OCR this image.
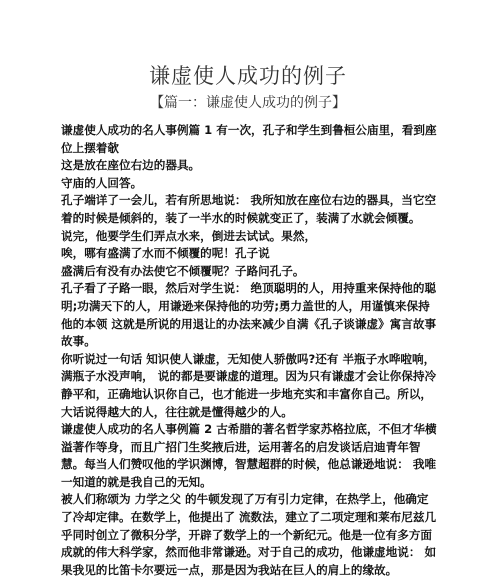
谦虚使人成功的例子
【篇一：谦虚使人成功的例子】

谦虚使人成功的名人事例篇 1 有一次，孔子和学生到鲁桓公庙里，看到座位上摆着欹

这是放在座位右边的器具。

守庙的人回答。

孔子端详了一会儿，若有所思地说： 我所知放在座位右边的器具，当它空着的时候是倾斜的，装了一半水的时候就变正了，装满了水就会倾覆。

说完，他要学生们弄点水来，倒进去试试。果然，

唉，哪有盛满了水而不倾覆的呢！孔子说

盛满后有没有办法使它不倾覆呢？子路问孔子。

孔子看了子路一眼，然后对学生说： 绝顶聪明的人，用持重来保持他的聪明;功满天下的人，用谦逊来保持他的功劳;勇力盖世的人，用谨慎来保持他的本领 这就是所说的用退让的办法来减少自满《孔子谈谦虚》寓言故事故事。

你听说过一句话 知识使人谦虚，无知使人骄傲吗?还有 半瓶子水哗啦响，满瓶子水没声响， 说的都是要谦虚的道理。因为只有谦虚才会让你保持冷静平和，正确地认识你自己，也才能进一步地充实和丰富你自己。所以，大话说得越大的人，往往就是懂得越少的人。

谦虚使人成功的名人事例篇 2 古希腊的著名哲学家苏格拉底，不但才华横溢著作等身，而且广招门生奖掖后进，运用著名的启发谈话启迪青年智慧。每当人们赞叹他的学识渊博，智慧超群的时候，他总谦逊地说： 我唯一知道的就是我自己的无知。

被人们称颂为 力学之父 的牛顿发现了万有引力定律，在热学上，他确定了冷却定律。在数学上，他提出了 流数法，建立了二项定理和莱布尼兹几乎同时创立了微积分学，开辟了数学上的一个新纪元。他是一位有多方面成就的伟大科学家，然而他非常谦逊。对于自己的成功，他谦虚地说： 如果我见的比笛卡尔要远一点，那是因为我站在巨人的肩上的缘故。
